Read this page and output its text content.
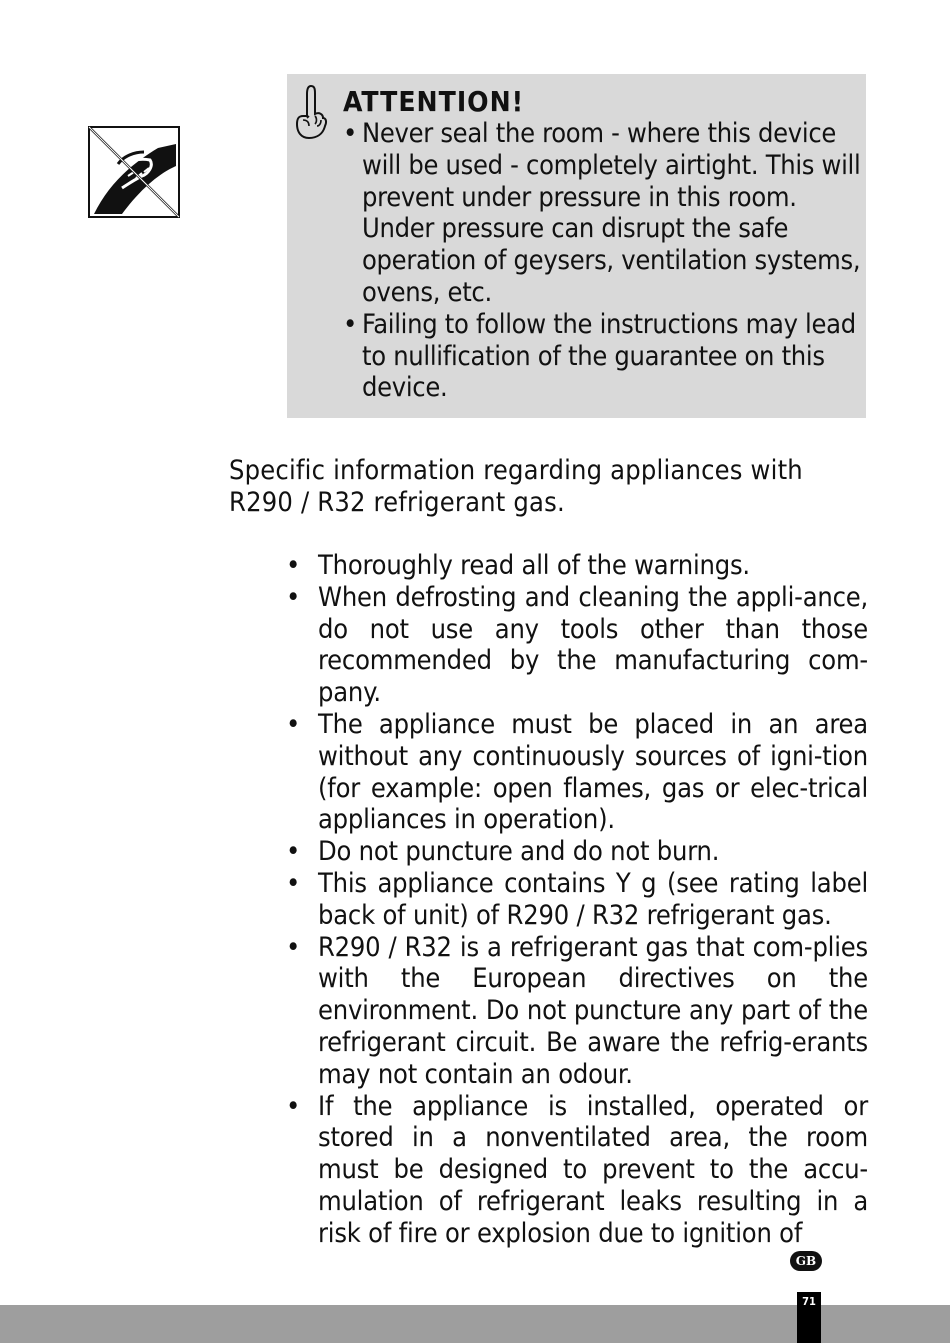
ATTENTION!
• Never seal the room - where this device will be used - completely airtight. This will prevent under pressure in this room. Under pressure can disrupt the safe operation of geysers, ventilation systems, ovens, etc.
• Failing to follow the instructions may lead to nullification of the guarantee on this device.
Specific information regarding appliances with R290 / R32 refrigerant gas.
• Thoroughly read all of the warnings.
• When defrosting and cleaning the appli-ance, do not use any tools other than those recommended by the manufacturing com-pany.
• The appliance must be placed in an area without any continuously sources of igni-tion (for example: open flames, gas or elec-trical appliances in operation).
• Do not puncture and do not burn.
• This appliance contains Y g (see rating label back of unit) of R290 / R32 refrigerant gas.
• R290 / R32 is a refrigerant gas that com-plies with the European directives on the environment. Do not puncture any part of the refrigerant circuit. Be aware the refrig-erants may not contain an odour.
• If the appliance is installed, operated or stored in a nonventilated area, the room must be designed to prevent to the accu-mulation of refrigerant leaks resulting in a risk of fire or explosion due to ignition of
GB
71
